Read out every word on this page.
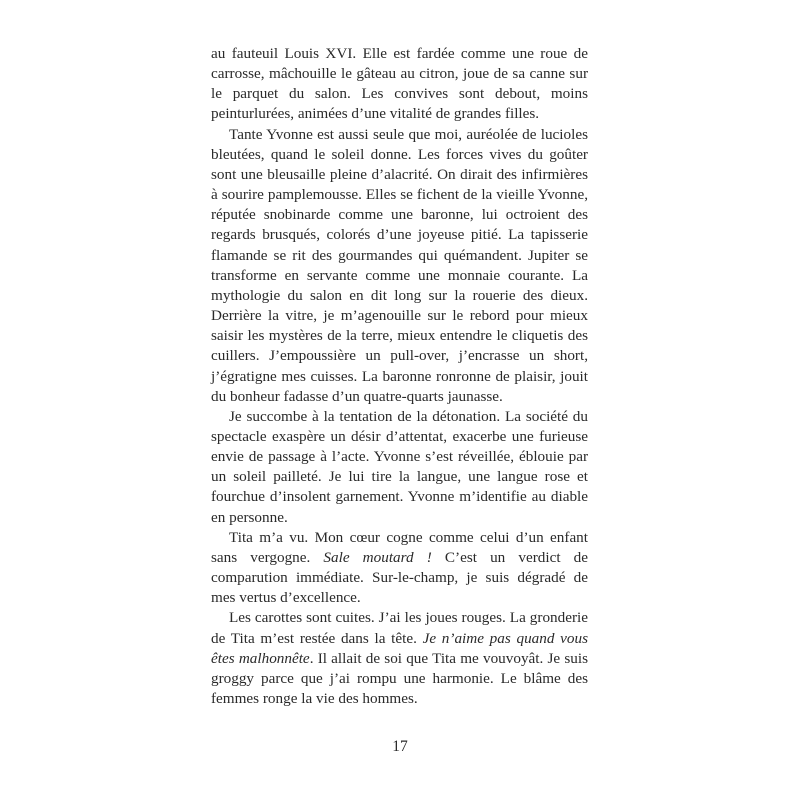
au fauteuil Louis XVI. Elle est fardée comme une roue de carrosse, mâchouille le gâteau au citron, joue de sa canne sur le parquet du salon. Les convives sont debout, moins peinturlurées, animées d’une vitalité de grandes filles.

Tante Yvonne est aussi seule que moi, auréolée de lucioles bleutées, quand le soleil donne. Les forces vives du goûter sont une bleusaille pleine d’alacrité. On dirait des infirmières à sourire pamplemousse. Elles se fichent de la vieille Yvonne, réputée snobinarde comme une baronne, lui octroient des regards brusqués, colorés d’une joyeuse pitié. La tapisserie flamande se rit des gourmandes qui quémandent. Jupiter se transforme en servante comme une monnaie courante. La mythologie du salon en dit long sur la rouerie des dieux. Derrière la vitre, je m’agenouille sur le rebord pour mieux saisir les mystères de la terre, mieux entendre le cliquetis des cuillers. J’empoussière un pull-over, j’encrasse un short, j’égratigne mes cuisses. La baronne ronronne de plaisir, jouit du bonheur fadasse d’un quatre-quarts jaunasse.

Je succombe à la tentation de la détonation. La société du spectacle exaspère un désir d’attentat, exacerbe une furieuse envie de passage à l’acte. Yvonne s’est réveillée, éblouie par un soleil pailleté. Je lui tire la langue, une langue rose et fourchue d’insolent garnement. Yvonne m’identifie au diable en personne.

Tita m’a vu. Mon cœur cogne comme celui d’un enfant sans vergogne. Sale moutard ! C’est un verdict de comparution immédiate. Sur-le-champ, je suis dégradé de mes vertus d’excellence.

Les carottes sont cuites. J’ai les joues rouges. La gronderie de Tita m’est restée dans la tête. Je n’aime pas quand vous êtes malhonnête. Il allait de soi que Tita me vouvoyât. Je suis groggy parce que j’ai rompu une harmonie. Le blâme des femmes ronge la vie des hommes.

17
